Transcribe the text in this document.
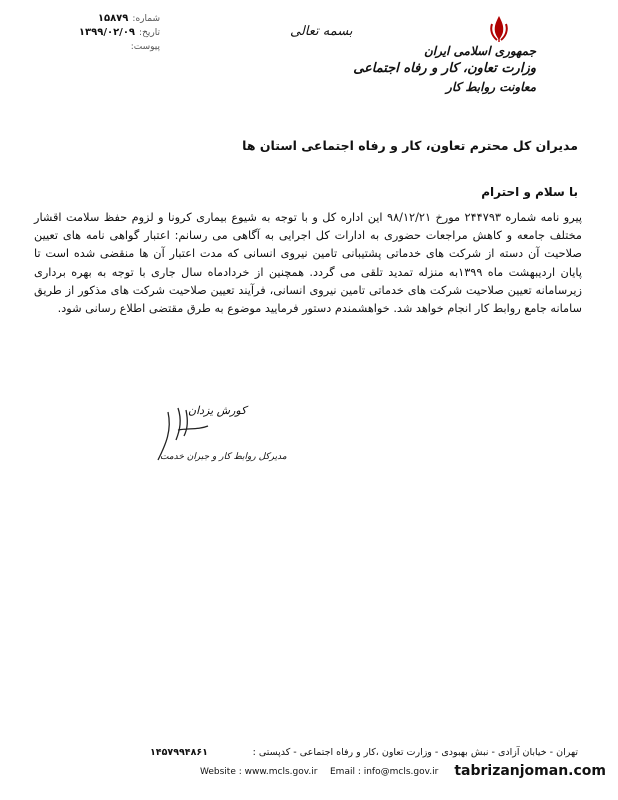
جمهوری اسلامی ایران
وزارت تعاون، کار و رفاه اجتماعی
معاونت روابط کار
بسمه تعالی
شماره:
۱۵۸۷۹
تاریخ:
۱۳۹۹/۰۲/۰۹
پیوست:
مدیران کل محترم تعاون، کار و رفاه اجتماعی استان ها
با سلام و احترام

پیرو نامه شماره ۲۴۴۷۹۳ مورخ ۹۸/۱۲/۲۱ این اداره کل و با توجه به شیوع بیماری کرونا و لزوم حفظ سلامت اقشار مختلف جامعه و کاهش مراجعات حضوری به ادارات کل اجرایی به آگاهی می رسانم: اعتبار گواهی نامه های تعیین صلاحیت آن دسته از شرکت های خدماتی پشتیبانی تامین نیروی انسانی که مدت اعتبار آن ها منقضی شده است تا پایان اردیبهشت ماه ۱۳۹۹به منزله تمدید تلقی می گردد. همچنین از خردادماه سال جاری با توجه به بهره برداری زیرسامانه تعیین صلاحیت شرکت های خدماتی تامین نیروی انسانی، فرآیند تعیین صلاحیت شرکت های مذکور از طریق سامانه جامع روابط کار انجام خواهد شد. خواهشمندم دستور فرمایید موضوع به طرق مقتضی اطلاع رسانی شود.

کورش یزدان
مدیرکل روابط کار و جبران خدمت
تهران - خیابان آزادی - نبش بهبودی - وزارت تعاون ،کار و رفاه اجتماعی - کدپستی :
۱۴۵۷۹۹۴۸۶۱
Website : www.mcls.gov.ir Email : info@mcls.gov.ir tabrizanjoman.com
